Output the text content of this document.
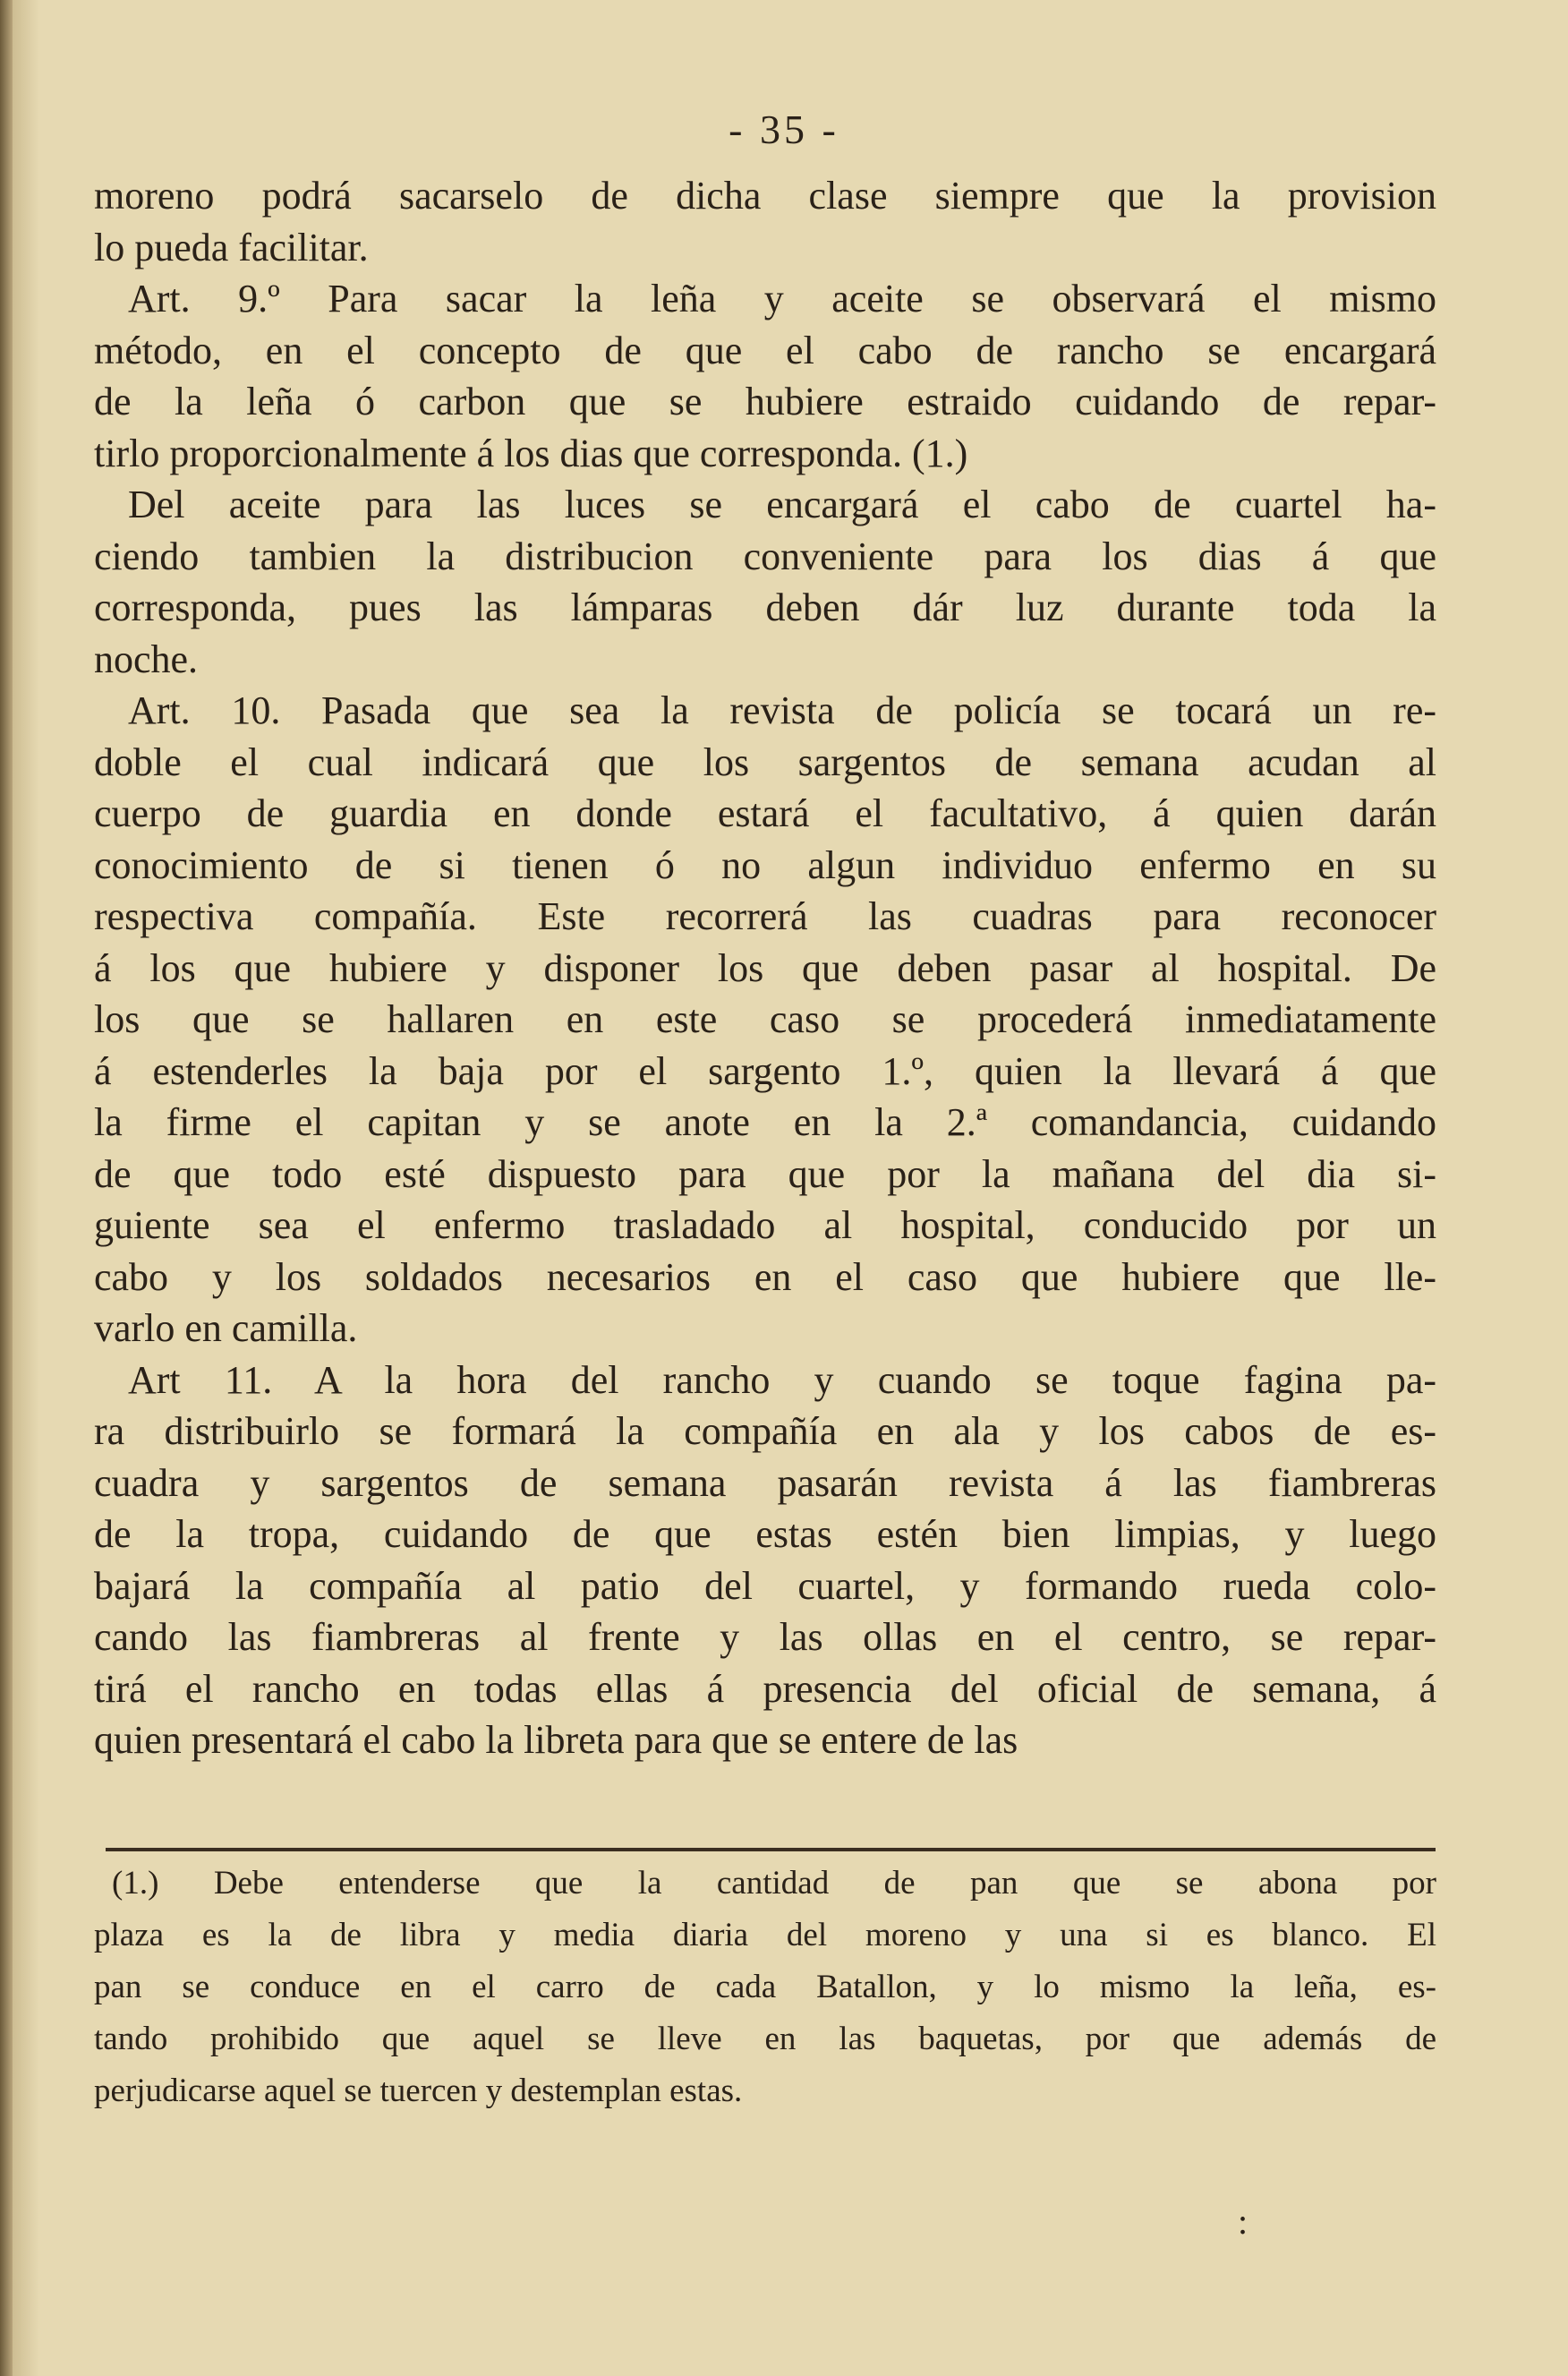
- 35 -
moreno podrá sacarselo de dicha clase siempre que la provision
lo pueda facilitar.
Art. 9.º Para sacar la leña y aceite se observará el mismo
método, en el concepto de que el cabo de rancho se encargará
de la leña ó carbon que se hubiere estraido cuidando de repar-
tirlo proporcionalmente á los dias que corresponda. (1.)
Del aceite para las luces se encargará el cabo de cuartel ha-
ciendo tambien la distribucion conveniente para los dias á que
corresponda, pues las lámparas deben dár luz durante toda la
noche.
Art. 10. Pasada que sea la revista de policía se tocará un re-
doble el cual indicará que los sargentos de semana acudan al
cuerpo de guardia en donde estará el facultativo, á quien darán
conocimiento de si tienen ó no algun individuo enfermo en su
respectiva compañía. Este recorrerá las cuadras para reconocer
á los que hubiere y disponer los que deben pasar al hospital. De
los que se hallaren en este caso se procederá inmediatamente
á estenderles la baja por el sargento 1.º, quien la llevará á que
la firme el capitan y se anote en la 2.ª comandancia, cuidando
de que todo esté dispuesto para que por la mañana del dia si-
guiente sea el enfermo trasladado al hospital, conducido por un
cabo y los soldados necesarios en el caso que hubiere que lle-
varlo en camilla.
Art 11. A la hora del rancho y cuando se toque fagina pa-
ra distribuirlo se formará la compañía en ala y los cabos de es-
cuadra y sargentos de semana pasarán revista á las fiambreras
de la tropa, cuidando de que estas estén bien limpias, y luego
bajará la compañía al patio del cuartel, y formando rueda colo-
cando las fiambreras al frente y las ollas en el centro, se repar-
tirá el rancho en todas ellas á presencia del oficial de semana, á
quien presentará el cabo la libreta para que se entere de las
(1.) Debe entenderse que la cantidad de pan que se abona por
plaza es la de libra y media diaria del moreno y una si es blanco. El
pan se conduce en el carro de cada Batallon, y lo mismo la leña, es-
tando prohibido que aquel se lleve en las baquetas, por que además de
perjudicarse aquel se tuercen y destemplan estas.
:
